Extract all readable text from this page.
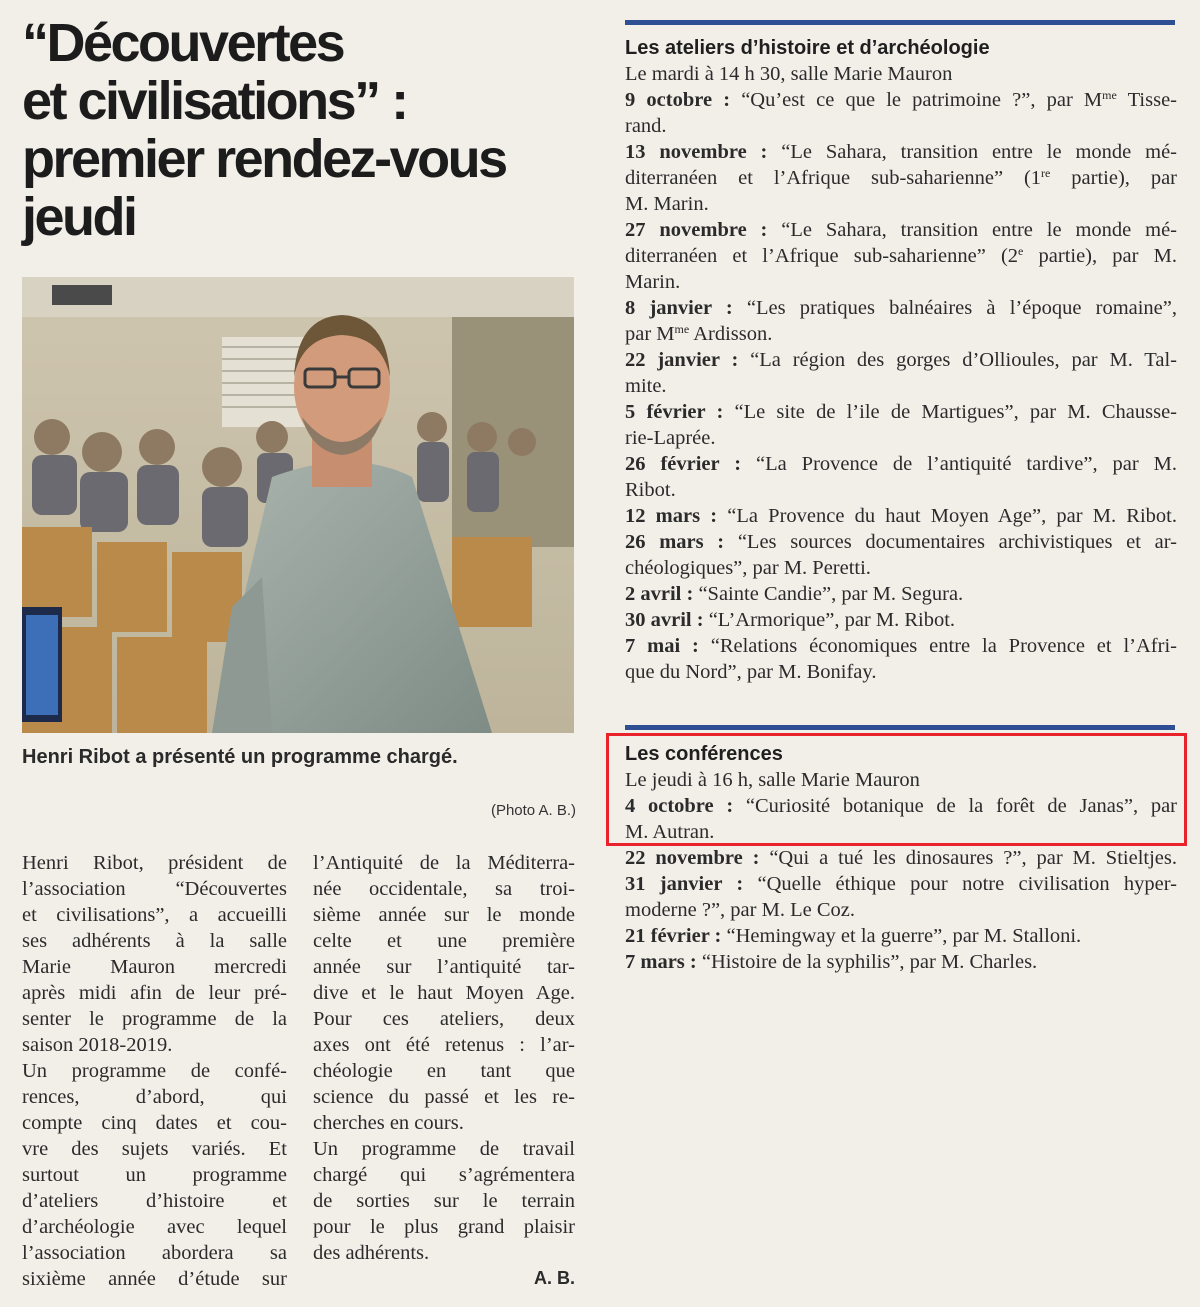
“Découvertes
et civilisations” :
premier rendez-vous
jeudi
Henri Ribot a présenté un programme chargé.
(Photo A. B.)
Henri Ribot, président de
l’association “Découvertes
et civilisations”, a accueilli
ses adhérents à la salle
Marie Mauron mercredi
après midi afin de leur pré-
senter le programme de la
saison 2018-2019.
Un programme de confé-
rences, d’abord, qui
compte cinq dates et cou-
vre des sujets variés. Et
surtout un programme
d’ateliers d’histoire et
d’archéologie avec lequel
l’association abordera sa
sixième année d’étude sur
l’Antiquité de la Méditerra-
née occidentale, sa troi-
sième année sur le monde
celte et une première
année sur l’antiquité tar-
dive et le haut Moyen Age.
Pour ces ateliers, deux
axes ont été retenus : l’ar-
chéologie en tant que
science du passé et les re-
cherches en cours.
Un programme de travail
chargé qui s’agrémentera
de sorties sur le terrain
pour le plus grand plaisir
des adhérents.
A. B.
Les ateliers d’histoire et d’archéologie
Le mardi à 14 h 30, salle Marie Mauron
9 octobre : “Qu’est ce que le patrimoine ?”, par $M^{me}$ Tisse-
rand.
13 novembre : “Le Sahara, transition entre le monde mé-
diterranéen et l’Afrique sub-saharienne” (1re partie), par
M. Marin.
27 novembre : “Le Sahara, transition entre le monde mé-
diterranéen et l’Afrique sub-saharienne” (2e partie), par M.
Marin.
8 janvier : “Les pratiques balnéaires à l’époque romaine”,
par $M^{me}$ Ardisson.
22 janvier : “La région des gorges d’Ollioules, par M. Tal-
mite.
5 février : “Le site de l’ile de Martigues”, par M. Chausse-
rie-Laprée.
26 février : “La Provence de l’antiquité tardive”, par M.
Ribot.
12 mars : “La Provence du haut Moyen Age”, par M. Ribot.
26 mars : “Les sources documentaires archivistiques et ar-
chéologiques”, par M. Peretti.
2 avril : “Sainte Candie”, par M. Segura.
30 avril : “L’Armorique”, par M. Ribot.
7 mai : “Relations économiques entre la Provence et l’Afri-
que du Nord”, par M. Bonifay.
Les conférences
Le jeudi à 16 h, salle Marie Mauron
4 octobre : “Curiosité botanique de la forêt de Janas”, par
M. Autran.
22 novembre : “Qui a tué les dinosaures ?”, par M. Stieltjes.
31 janvier : “Quelle éthique pour notre civilisation hyper-
moderne ?”, par M. Le Coz.
21 février : “Hemingway et la guerre”, par M. Stalloni.
7 mars : “Histoire de la syphilis”, par M. Charles.
